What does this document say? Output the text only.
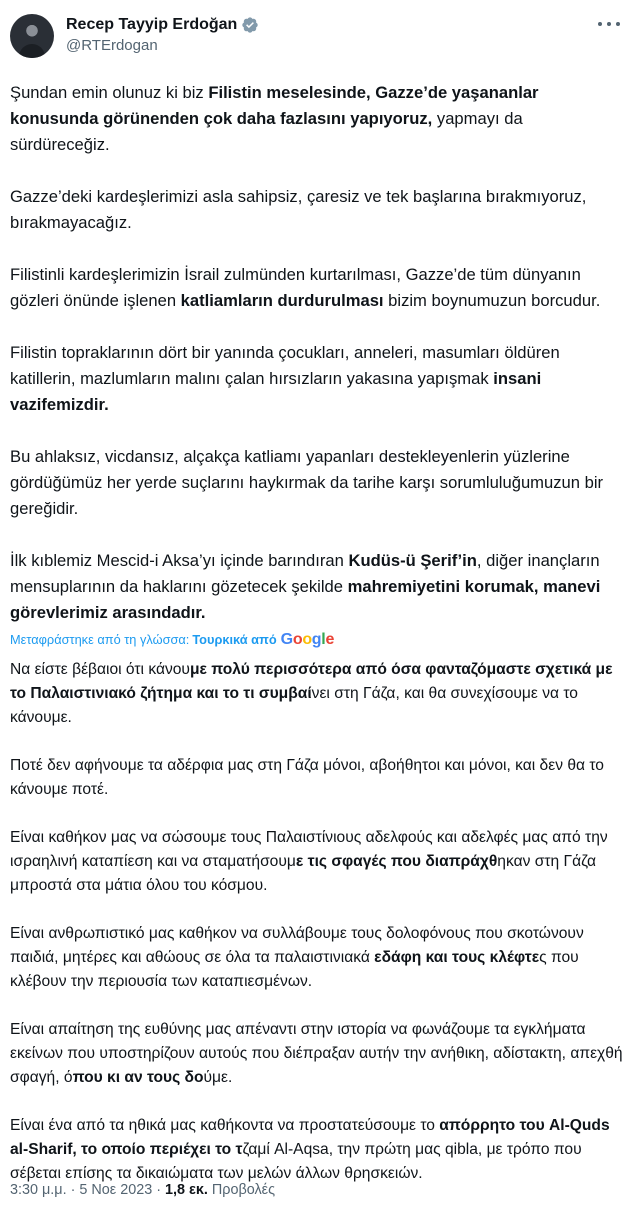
Recep Tayyip Erdoğan
@RTErdogan

Şundan emin olunuz ki biz Filistin meselesinde, Gazze’de yaşananlar konusunda görünenden çok daha fazlasını yapıyoruz, yapmayı da sürdüreceğiz.

Gazze’deki kardeşlerimizi asla sahipsiz, çaresiz ve tek başlarına bırakmıyoruz, bırakmayacağız.

Filistinli kardeşlerimizin İsrail zulmünden kurtarılması, Gazze’de tüm dünyanın gözleri önünde işlenen katliamların durdurulması bizim boynumuzun borcudur.

Filistin topraklarının dört bir yanında çocukları, anneleri, masumları öldüren katillerin, mazlumların malını çalan hırsızların yakasına yapışmak insani vazifemizdir.

Bu ahlaksız, vicdansız, alçakça katliamı yapanları destekleyenlerin yüzlerine gördüğümüz her yerde suçlarını haykırmak da tarihe karşı sorumluluğumuzun bir gereğidir.

İlk kıblemiz Mescid-i Aksa’yı içinde barındıran Kudüs-ü Şerif’in, diğer inançların mensuplarının da haklarını gözetecek şekilde mahremiyetini korumak, manevi görevlerimiz arasındadır.

Μεταφράστηκε από τη γλώσσα: Τουρκικά από Google

Να είστε βέβαιοι ότι κάνουμε πολύ περισσότερα από όσα φανταζόμαστε σχετικά με το Παλαιστινιακό ζήτημα και το τι συμβαίνει στη Γάζα, και θα συνεχίσουμε να το κάνουμε.

Ποτέ δεν αφήνουμε τα αδέρφια μας στη Γάζα μόνοι, αβοήθητοι και μόνοι, και δεν θα το κάνουμε ποτέ.

Είναι καθήκον μας να σώσουμε τους Παλαιστίνιους αδελφούς και αδελφές μας από την ισραηλινή καταπίεση και να σταματήσουμε τις σφαγές που διαπράχθηκαν στη Γάζα μπροστά στα μάτια όλου του κόσμου.

Είναι ανθρωπιστικό μας καθήκον να συλλάβουμε τους δολοφόνους που σκοτώνουν παιδιά, μητέρες και αθώους σε όλα τα παλαιστινιακά εδάφη και τους κλέφτες που κλέβουν την περιουσία των καταπιεσμένων.

Είναι απαίτηση της ευθύνης μας απέναντι στην ιστορία να φωνάζουμε τα εγκλήματα εκείνων που υποστηρίζουν αυτούς που διέπραξαν αυτήν την ανήθικη, αδίστακτη, απεχθή σφαγή, όπου κι αν τους δούμε.

Είναι ένα από τα ηθικά μας καθήκοντα να προστατεύσουμε το απόρρητο του Al-Quds al-Sharif, το οποίο περιέχει το τζαμί Al-Aqsa, την πρώτη μας qibla, με τρόπο που σέβεται επίσης τα δικαιώματα των μελών άλλων θρησκειών.

3:30 μ.μ. · 5 Νοε 2023 · 1,8 εκ. Προβολές
